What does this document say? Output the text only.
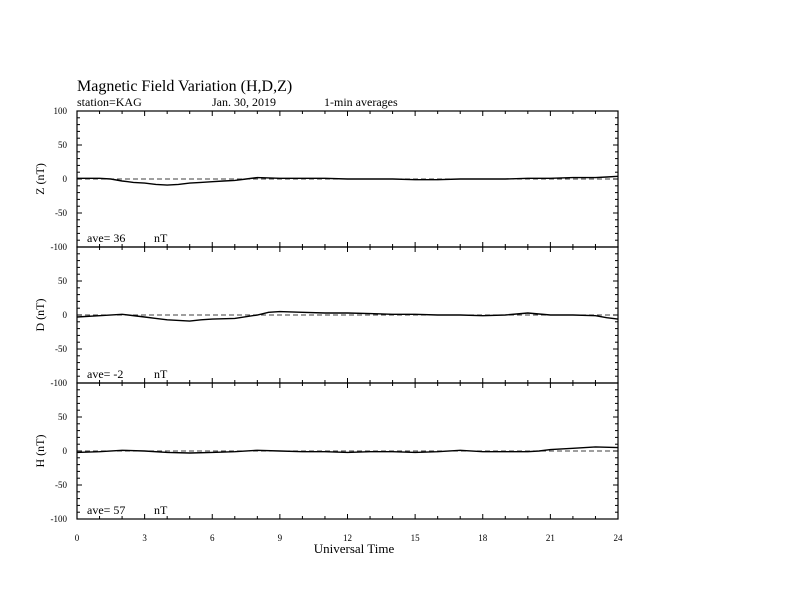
Magnetic Field Variation (H,D,Z)
station=KAG	Jan. 30, 2019	1-min averages
100
50
0
-50
-100
Z (nT)
ave= 36 nT
50
0
-50
-100
D (nT)
ave= -2	nT
50
0
-50
-100
H (nT)
ave= 57 nT
0	3	6	9	12	15	18	21	24
Universal Time
